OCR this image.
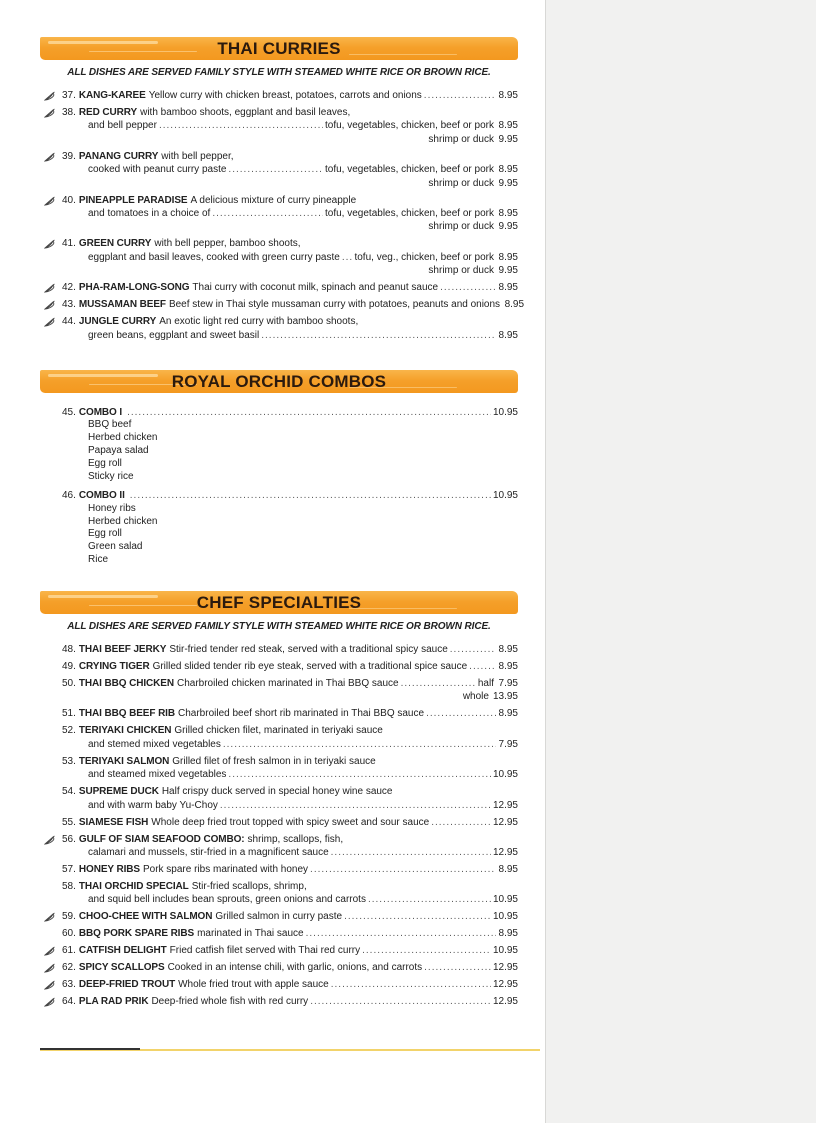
THAI CURRIES
ALL DISHES ARE SERVED FAMILY STYLE WITH STEAMED WHITE RICE OR BROWN RICE.
37. KANG-KAREE Yellow curry with chicken breast, potatoes, carrots and onions .....	8.95
38. RED CURRY with bamboo shoots, eggplant and basil leaves,
and bell pepper .....	tofu, vegetables, chicken, beef or pork 8.95
shrimp or duck 9.95
39. PANANG CURRY with bell pepper,
cooked with peanut curry paste .....	tofu, vegetables, chicken, beef or pork 8.95
shrimp or duck 9.95
40. PINEAPPLE PARADISE A delicious mixture of curry pineapple
and tomatoes in a choice of .....	tofu, vegetables, chicken, beef or pork 8.95
shrimp or duck 9.95
41. GREEN CURRY with bell pepper, bamboo shoots,
eggplant and basil leaves, cooked with green curry paste ..... tofu, veg., chicken, beef or pork 8.95
shrimp or duck 9.95
42. PHA-RAM-LONG-SONG Thai curry with coconut milk, spinach and peanut sauce .....	8.95
43. MUSSAMAN BEEF Beef stew in Thai style mussaman curry with potatoes, peanuts and onions 8.95
44. JUNGLE CURRY An exotic light red curry with bamboo shoots,
green beans, eggplant and sweet basil .....	8.95
ROYAL ORCHID COMBOS
45. COMBO I .....	10.95
BBQ beef
Herbed chicken
Papaya salad
Egg roll
Sticky rice
46. COMBO II .....	10.95
Honey ribs
Herbed chicken
Egg roll
Green salad
Rice
CHEF SPECIALTIES
ALL DISHES ARE SERVED FAMILY STYLE WITH STEAMED WHITE RICE OR BROWN RICE.
48. THAI BEEF JERKY Stir-fried tender red steak, served with a traditional spicy sauce .....	8.95
49. CRYING TIGER Grilled slided tender rib eye steak, served with a traditional spice sauce .....	8.95
50. THAI BBQ CHICKEN Charbroiled chicken marinated in Thai BBQ sauce .....	half 7.95
whole 13.95
51. THAI BBQ BEEF RIB Charbroiled beef short rib marinated in Thai BBQ sauce .....	8.95
52. TERIYAKI CHICKEN Grilled chicken filet, marinated in teriyaki sauce
and stemed mixed vegetables .....	7.95
53. TERIYAKI SALMON Grilled filet of fresh salmon in in teriyaki sauce
and steamed mixed vegetables .....	10.95
54. SUPREME DUCK Half crispy duck served in special honey wine sauce
and with warm baby Yu-Choy .....	12.95
55. SIAMESE FISH Whole deep fried trout topped with spicy sweet and sour sauce .....	12.95
56. GULF OF SIAM SEAFOOD COMBO: shrimp, scallops, fish,
calamari and mussels, stir-fried in a magnificent sauce .....	12.95
57. HONEY RIBS Pork spare ribs marinated with honey .....	8.95
58. THAI ORCHID SPECIAL Stir-fried scallops, shrimp,
and squid bell includes bean sprouts, green onions and carrots .....	10.95
59. CHOO-CHEE WITH SALMON Grilled salmon in curry paste .....	10.95
60. BBQ PORK SPARE RIBS marinated in Thai sauce .....	8.95
61. CATFISH DELIGHT Fried catfish filet served with Thai red curry .....	10.95
62. SPICY SCALLOPS Cooked in an intense chili, with garlic, onions, and carrots .....	12.95
63. DEEP-FRIED TROUT Whole fried trout with apple sauce .....	12.95
64. PLA RAD PRIK Deep-fried whole fish with red curry .....	12.95
